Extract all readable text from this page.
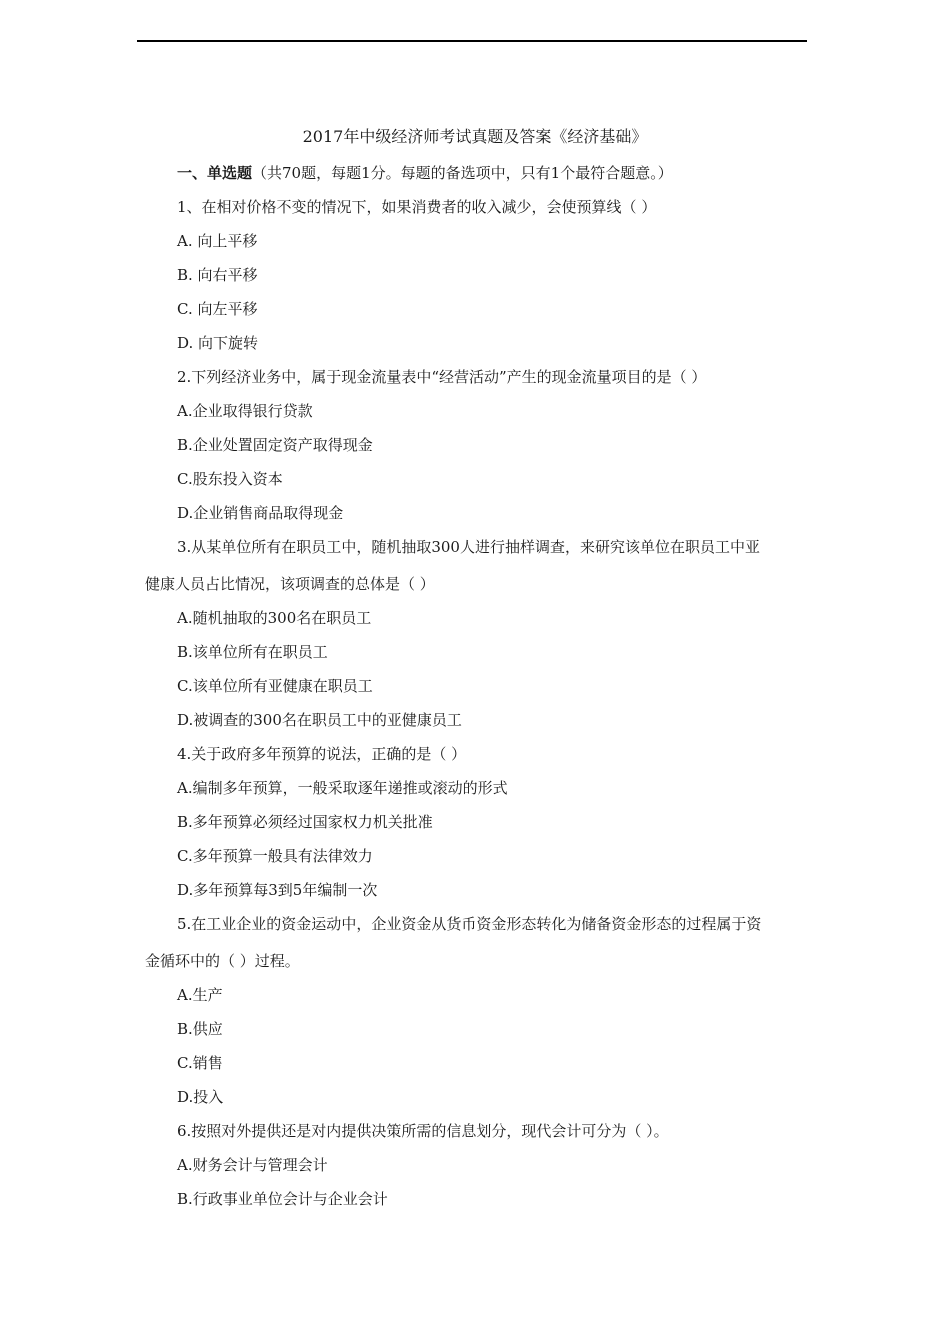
2017年中级经济师考试真题及答案《经济基础》
一、单选题（共70题，每题1分。每题的备选项中，只有1个最符合题意。）
1、在相对价格不变的情况下，如果消费者的收入减少，会使预算线（ ）
A. 向上平移
B. 向右平移
C. 向左平移
D. 向下旋转
2.下列经济业务中，属于现金流量表中“经营活动”产生的现金流量项目的是（ ）
A.企业取得银行贷款
B.企业处置固定资产取得现金
C.股东投入资本
D.企业销售商品取得现金
3.从某单位所有在职员工中，随机抽取300人进行抽样调查，来研究该单位在职员工中亚
健康人员占比情况，该项调查的总体是（ ）
A.随机抽取的300名在职员工
B.该单位所有在职员工
C.该单位所有亚健康在职员工
D.被调查的300名在职员工中的亚健康员工
4.关于政府多年预算的说法，正确的是（ ）
A.编制多年预算，一般采取逐年递推或滚动的形式
B.多年预算必须经过国家权力机关批准
C.多年预算一般具有法律效力
D.多年预算每3到5年编制一次
5.在工业企业的资金运动中，企业资金从货币资金形态转化为储备资金形态的过程属于资
金循环中的（ ）过程。
A.生产
B.供应
C.销售
D.投入
6.按照对外提供还是对内提供决策所需的信息划分，现代会计可分为（ ）。
A.财务会计与管理会计
B.行政事业单位会计与企业会计
